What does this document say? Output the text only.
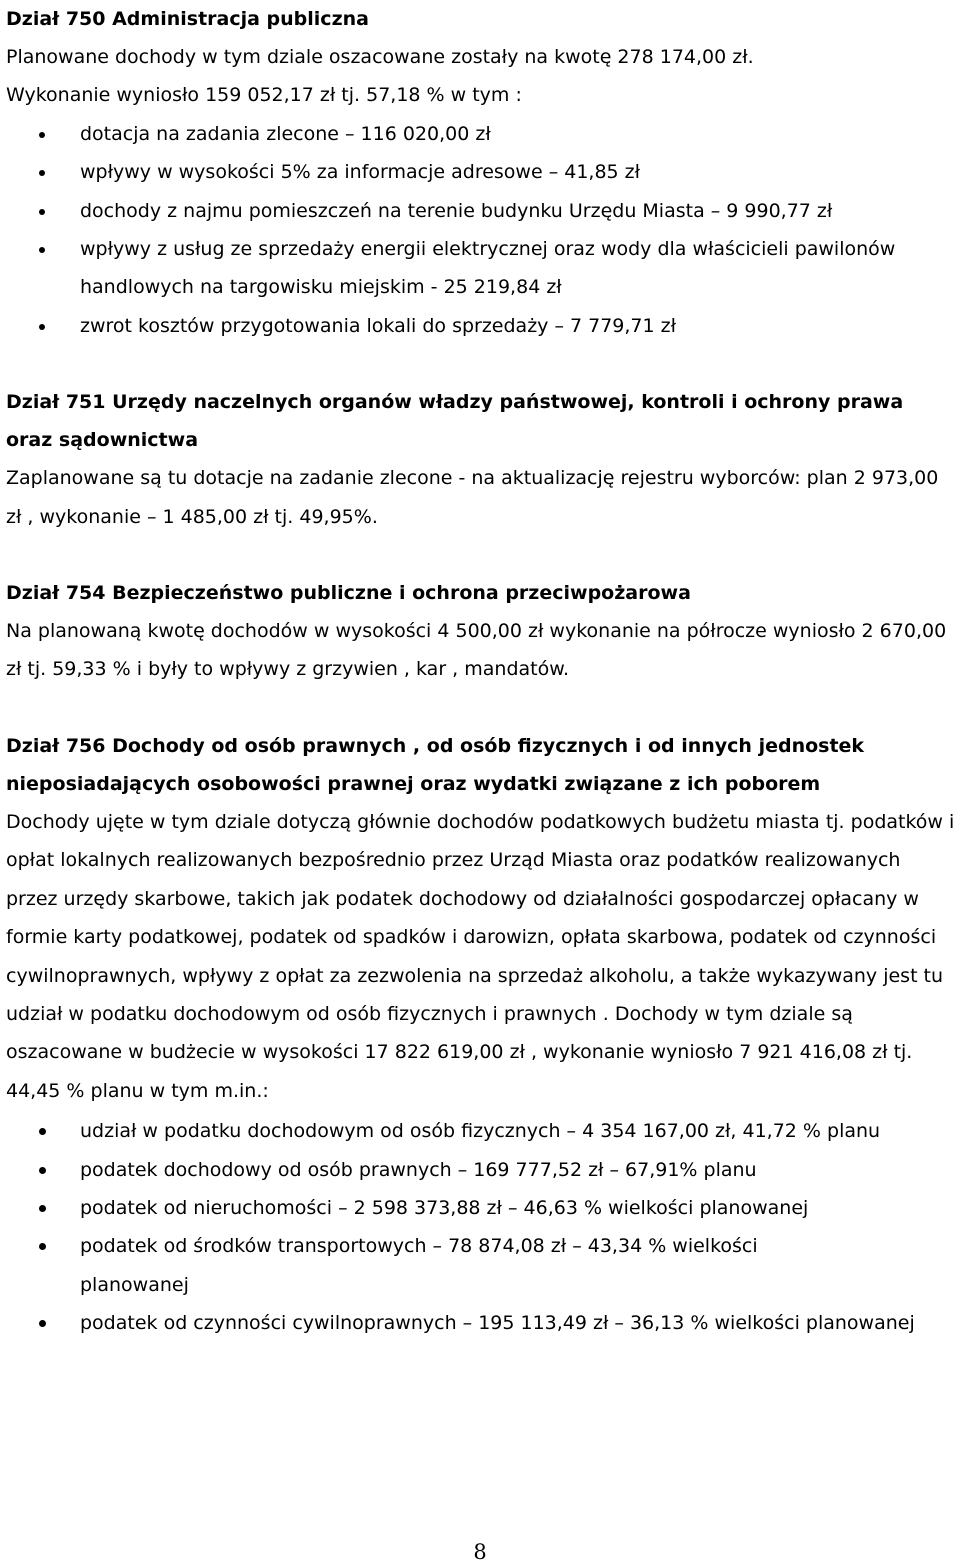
Dział 750 Administracja publiczna

Planowane dochody w tym dziale oszacowane zostały na kwotę 278 174,00 zł.

Wykonanie wyniosło 159 052,17 zł tj. 57,18 % w tym :

dotacja na zadania zlecone – 116 020,00 zł
wpływy w wysokości 5% za informacje adresowe – 41,85 zł
dochody z najmu pomieszczeń na terenie budynku Urzędu Miasta – 9 990,77 zł
wpływy z usług ze sprzedaży energii elektrycznej oraz wody dla właścicieli pawilonów handlowych na targowisku miejskim - 25 219,84 zł
zwrot kosztów przygotowania lokali do sprzedaży – 7 779,71 zł

Dział 751 Urzędy naczelnych organów władzy państwowej, kontroli i ochrony prawa oraz sądownictwa

Zaplanowane są tu dotacje na zadanie zlecone - na aktualizację rejestru wyborców: plan 2 973,00 zł , wykonanie – 1 485,00 zł tj. 49,95%.

Dział 754 Bezpieczeństwo publiczne i ochrona przeciwpożarowa

Na planowaną kwotę dochodów w wysokości 4 500,00 zł wykonanie na półrocze wyniosło 2 670,00 zł tj. 59,33 % i były to wpływy z grzywien , kar , mandatów.

Dział 756 Dochody od osób prawnych , od osób fizycznych i od innych jednostek nieposiadających osobowości prawnej oraz wydatki związane z ich poborem

Dochody ujęte w tym dziale dotyczą głównie dochodów podatkowych budżetu miasta tj. podatków i opłat lokalnych realizowanych bezpośrednio przez Urząd Miasta oraz podatków realizowanych przez urzędy skarbowe, takich jak podatek dochodowy od działalności gospodarczej opłacany w formie karty podatkowej, podatek od spadków i darowizn, opłata skarbowa, podatek od czynności cywilnoprawnych, wpływy z opłat za zezwolenia na sprzedaż alkoholu, a także wykazywany jest tu udział w podatku dochodowym od osób fizycznych i prawnych . Dochody w tym dziale są oszacowane w budżecie w wysokości 17 822 619,00 zł , wykonanie wyniosło 7 921 416,08 zł tj. 44,45 % planu w tym m.in.:

udział w podatku dochodowym od osób fizycznych – 4 354 167,00 zł, 41,72 % planu
podatek dochodowy od osób prawnych – 169 777,52 zł – 67,91% planu
podatek od nieruchomości – 2 598 373,88 zł – 46,63 % wielkości planowanej
podatek od środków transportowych – 78 874,08 zł – 43,34 % wielkości planowanej
podatek od czynności cywilnoprawnych – 195 113,49 zł – 36,13 % wielkości planowanej
8
